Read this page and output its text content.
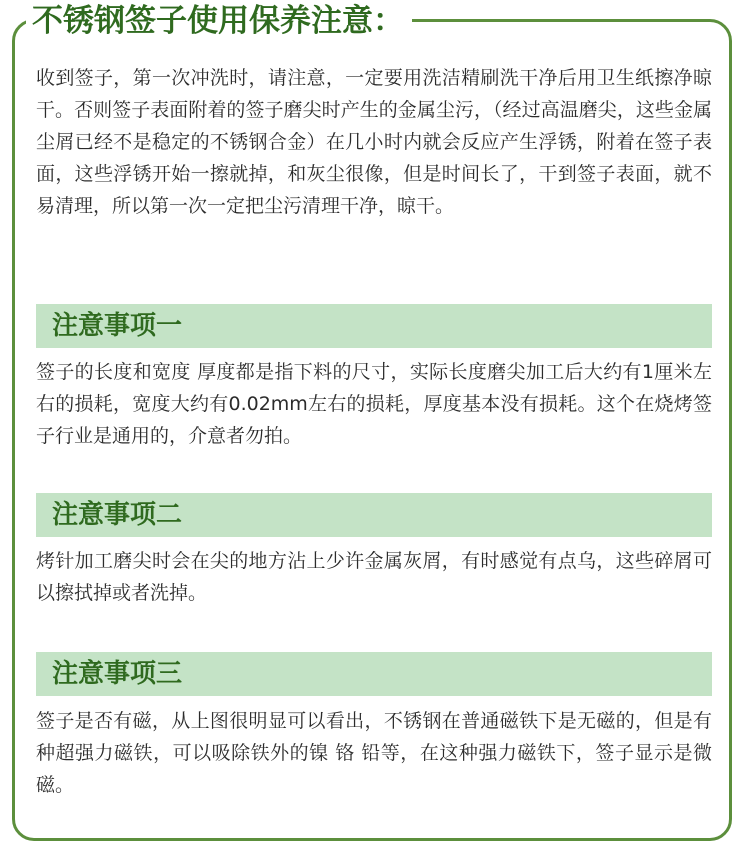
不锈钢签子使用保养注意：

收到签子，第一次冲洗时，请注意，一定要用洗洁精刷洗干净后用卫生纸擦净晾干。否则签子表面附着的签子磨尖时产生的金属尘污，（经过高温磨尖，这些金属尘屑已经不是稳定的不锈钢合金）在几小时内就会反应产生浮锈，附着在签子表面，这些浮锈开始一擦就掉，和灰尘很像，但是时间长了，干到签子表面，就不易清理，所以第一次一定把尘污清理干净，晾干。

注意事项一

签子的长度和宽度 厚度都是指下料的尺寸，实际长度磨尖加工后大约有1厘米左右的损耗，宽度大约有0.02mm左右的损耗，厚度基本没有损耗。这个在烧烤签子行业是通用的，介意者勿拍。

注意事项二

烤针加工磨尖时会在尖的地方沾上少许金属灰屑，有时感觉有点乌，这些碎屑可以擦拭掉或者洗掉。

注意事项三

签子是否有磁，从上图很明显可以看出，不锈钢在普通磁铁下是无磁的，但是有种超强力磁铁，可以吸除铁外的镍 铬 铅等，在这种强力磁铁下，签子显示是微磁。
